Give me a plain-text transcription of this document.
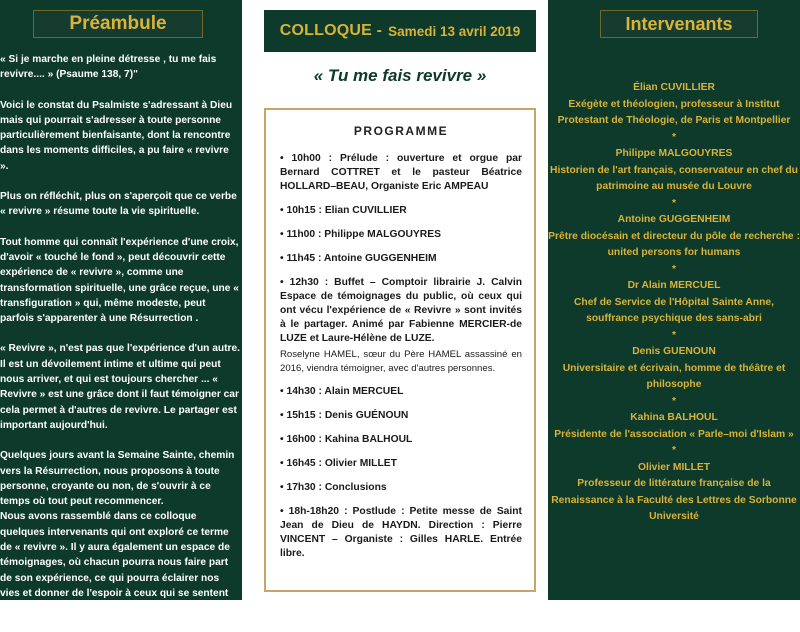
Préambule

« Si je marche en pleine détresse , tu me fais revivre.... » (Psaume 138, 7)"

Voici le constat du Psalmiste s'adressant à Dieu mais qui pourrait s'adresser à toute personne particulièrement bienfaisante, dont la rencontre dans les moments difficiles, a pu faire « revivre ».

Plus on réfléchit, plus on s'aperçoit que ce verbe « revivre » résume toute la vie spirituelle.

Tout homme qui connaît l'expérience d'une croix, d'avoir « touché le fond », peut découvrir cette expérience de « revivre », comme une transformation spirituelle, une grâce reçue, une « transfiguration » qui, même modeste, peut parfois s'apparenter à une Résurrection .

« Revivre », n'est pas que l'expérience d'un autre. Il est un dévoilement intime et ultime qui peut nous arriver, et qui est toujours chercher ... « Revivre » est une grâce dont il faut témoigner car cela permet à d'autres de revivre. Le partager est important aujourd'hui.

Quelques jours avant la Semaine Sainte, chemin vers la Résurrection, nous proposons à toute personne, croyante ou non, de s'ouvrir à ce temps où tout peut recommencer.

Nous avons rassemblé dans ce colloque quelques intervenants qui ont exploré ce terme de « revivre ». Il y aura également un espace de témoignages, où chacun pourra nous faire part de son expérience, ce qui pourra éclairer nos vies et donner de l'espoir à ceux qui se sentent enfermés.

COLLOQUE - Samedi 13 avril 2019
« Tu me fais revivre »
PROGRAMME
• 10h00 : Prélude : ouverture et orgue par Bernard COTTRET et le pasteur Béatrice HOLLARD–BEAU, Organiste Eric AMPEAU
• 10h15 : Elian CUVILLIER
• 11h00 : Philippe MALGOUYRES
• 11h45 : Antoine GUGGENHEIM
• 12h30 : Buffet – Comptoir librairie J. Calvin Espace de témoignages du public, où ceux qui ont vécu l'expérience de « Revivre » sont invités à le partager. Animé par Fabienne MERCIER-de LUZE et Laure-Hélène de LUZE.
Roselyne HAMEL, sœur du Père HAMEL assassiné en 2016, viendra témoigner, avec d'autres personnes.
• 14h30 : Alain MERCUEL
• 15h15 : Denis GUÉNOUN
• 16h00 : Kahina BALHOUL
• 16h45 : Olivier MILLET
• 17h30 : Conclusions
• 18h-18h20 : Postlude : Petite messe de Saint Jean de Dieu de HAYDN. Direction : Pierre VINCENT – Organiste : Gilles HARLE. Entrée libre.
Intervenants
Élian CUVILLIER
Exégète et théologien, professeur à Institut Protestant de Théologie, de Paris et Montpellier
*
Philippe MALGOUYRES
Historien de l'art français, conservateur en chef du patrimoine au musée du Louvre
*
Antoine GUGGENHEIM
Prêtre diocésain et directeur du pôle de recherche : united persons for humans
*
Dr Alain MERCUEL
Chef de Service de l'Hôpital Sainte Anne, souffrance psychique des sans-abri
*
Denis GUENOUN
Universitaire et écrivain, homme de théâtre et philosophe
*
Kahina BALHOUL
Présidente de l'association « Parle–moi d'Islam »
*
Olivier MILLET
Professeur de littérature française de la Renaissance à la Faculté des Lettres de Sorbonne Université
